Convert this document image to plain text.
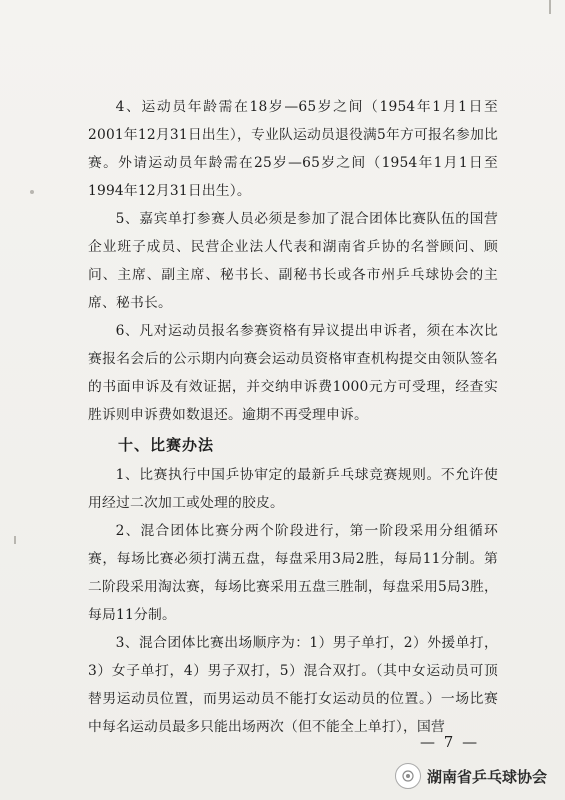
4、运动员年龄需在18岁—65岁之间（1954年1月1日至2001年12月31日出生），专业队运动员退役满5年方可报名参加比赛。外请运动员年龄需在25岁—65岁之间（1954年1月1日至1994年12月31日出生）。

5、嘉宾单打参赛人员必须是参加了混合团体比赛队伍的国营企业班子成员、民营企业法人代表和湖南省乒协的名誉顾问、顾问、主席、副主席、秘书长、副秘书长或各市州乒乓球协会的主席、秘书长。

6、凡对运动员报名参赛资格有异议提出申诉者，须在本次比赛报名会后的公示期内向赛会运动员资格审查机构提交由领队签名的书面申诉及有效证据，并交纳申诉费1000元方可受理，经查实胜诉则申诉费如数退还。逾期不再受理申诉。

十、比赛办法

1、比赛执行中国乒协审定的最新乒乓球竞赛规则。不允许使用经过二次加工或处理的胶皮。

2、混合团体比赛分两个阶段进行，第一阶段采用分组循环赛，每场比赛必须打满五盘，每盘采用3局2胜，每局11分制。第二阶段采用淘汰赛，每场比赛采用五盘三胜制，每盘采用5局3胜，每局11分制。

3、混合团体比赛出场顺序为：1）男子单打，2）外援单打，3）女子单打，4）男子双打，5）混合双打。（其中女运动员可顶替男运动员位置，而男运动员不能打女运动员的位置。）一场比赛中每名运动员最多只能出场两次（但不能全上单打），国营

— 7 —
湖南省乒乓球协会
